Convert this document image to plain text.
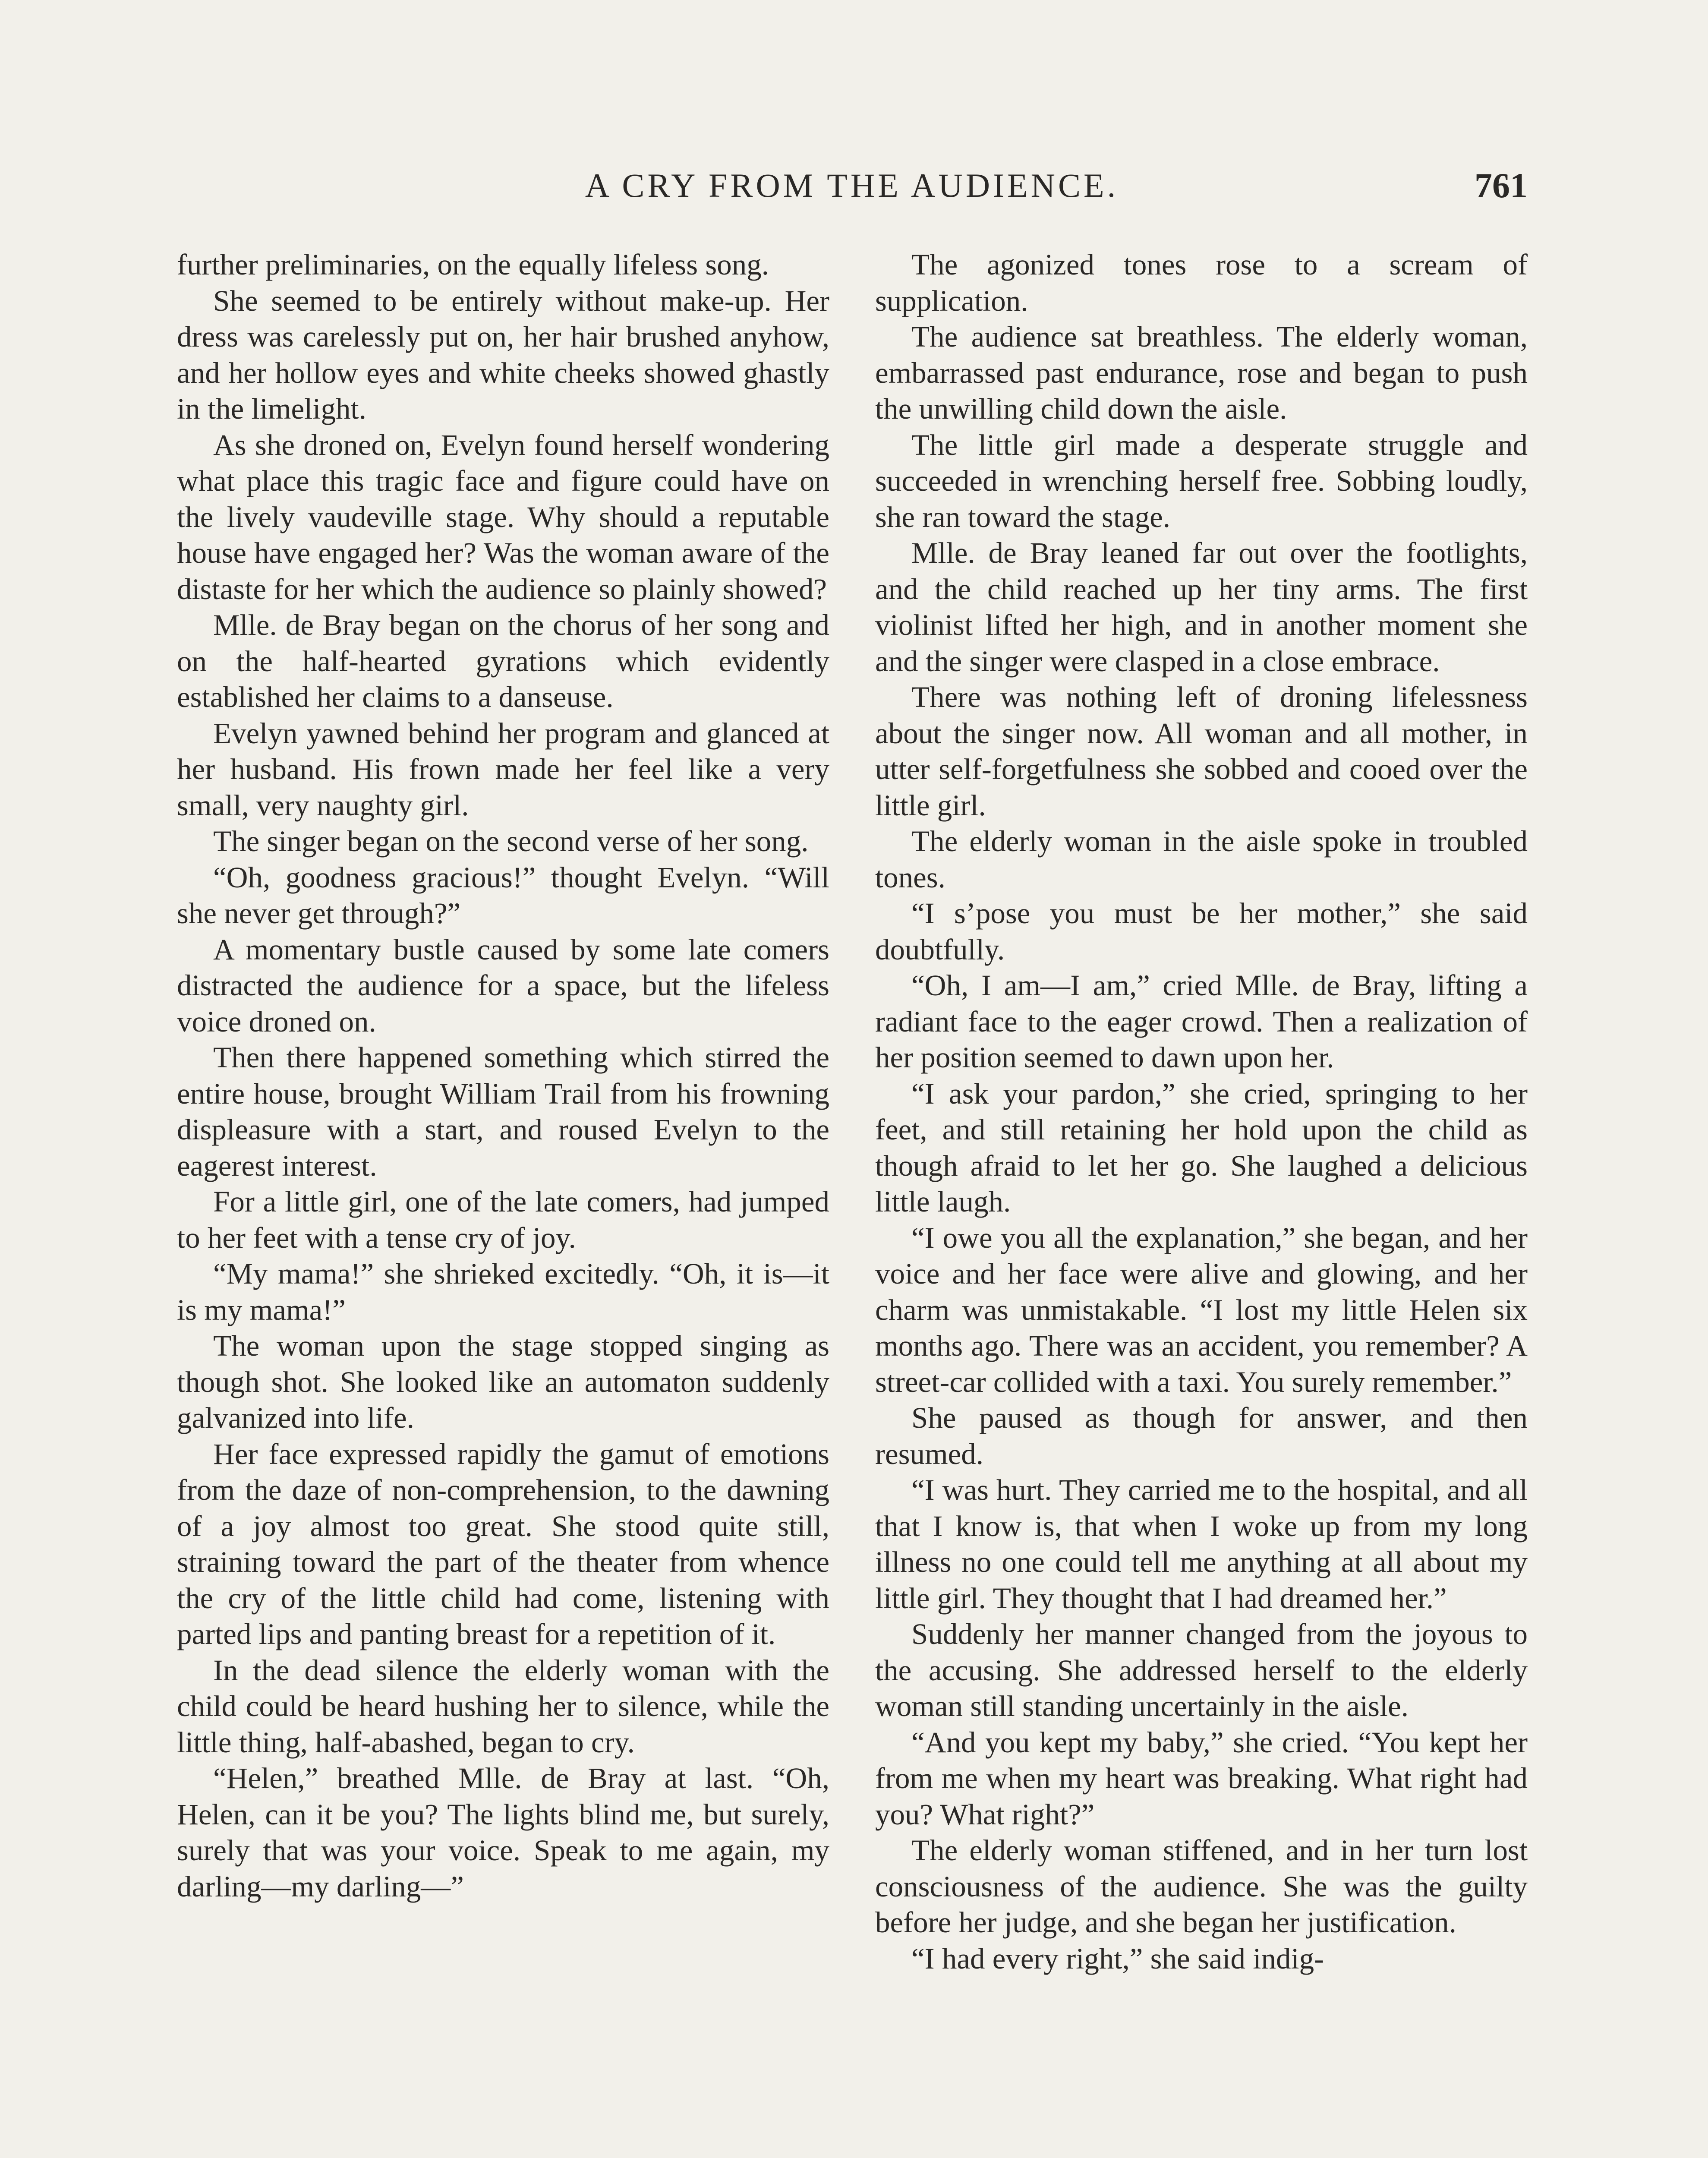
A CRY FROM THE AUDIENCE.	761

further preliminaries, on the equally lifeless song.

She seemed to be entirely without make-up. Her dress was carelessly put on, her hair brushed anyhow, and her hollow eyes and white cheeks showed ghastly in the limelight.

As she droned on, Evelyn found herself wondering what place this tragic face and figure could have on the lively vaudeville stage. Why should a reputable house have engaged her? Was the woman aware of the distaste for her which the audience so plainly showed?

Mlle. de Bray began on the chorus of her song and on the half-hearted gyrations which evidently established her claims to a danseuse.

Evelyn yawned behind her program and glanced at her husband. His frown made her feel like a very small, very naughty girl.

The singer began on the second verse of her song.

“Oh, goodness gracious!” thought Evelyn. “Will she never get through?”

A momentary bustle caused by some late comers distracted the audience for a space, but the lifeless voice droned on.

Then there happened something which stirred the entire house, brought William Trail from his frowning displeasure with a start, and roused Evelyn to the eagerest interest.

For a little girl, one of the late comers, had jumped to her feet with a tense cry of joy.

“My mama!” she shrieked excitedly. “Oh, it is—it is my mama!”

The woman upon the stage stopped singing as though shot. She looked like an automaton suddenly galvanized into life.

Her face expressed rapidly the gamut of emotions from the daze of non-comprehension, to the dawning of a joy almost too great. She stood quite still, straining toward the part of the theater from whence the cry of the little child had come, listening with parted lips and panting breast for a repetition of it.

In the dead silence the elderly woman with the child could be heard hushing her to silence, while the little thing, half-abashed, began to cry.

“Helen,” breathed Mlle. de Bray at last. “Oh, Helen, can it be you? The lights blind me, but surely, surely that was your voice. Speak to me again, my darling—my darling—”

The agonized tones rose to a scream of supplication.

The audience sat breathless. The elderly woman, embarrassed past endurance, rose and began to push the unwilling child down the aisle.

The little girl made a desperate struggle and succeeded in wrenching herself free. Sobbing loudly, she ran toward the stage.

Mlle. de Bray leaned far out over the footlights, and the child reached up her tiny arms. The first violinist lifted her high, and in another moment she and the singer were clasped in a close embrace.

There was nothing left of droning lifelessness about the singer now. All woman and all mother, in utter self-forgetfulness she sobbed and cooed over the little girl.

The elderly woman in the aisle spoke in troubled tones.

“I s’pose you must be her mother,” she said doubtfully.

“Oh, I am—I am,” cried Mlle. de Bray, lifting a radiant face to the eager crowd. Then a realization of her position seemed to dawn upon her.

“I ask your pardon,” she cried, springing to her feet, and still retaining her hold upon the child as though afraid to let her go. She laughed a delicious little laugh.

“I owe you all the explanation,” she began, and her voice and her face were alive and glowing, and her charm was unmistakable. “I lost my little Helen six months ago. There was an accident, you remember? A street-car collided with a taxi. You surely remember.”

She paused as though for answer, and then resumed.

“I was hurt. They carried me to the hospital, and all that I know is, that when I woke up from my long illness no one could tell me anything at all about my little girl. They thought that I had dreamed her.”

Suddenly her manner changed from the joyous to the accusing. She addressed herself to the elderly woman still standing uncertainly in the aisle.

“And you kept my baby,” she cried. “You kept her from me when my heart was breaking. What right had you? What right?”

The elderly woman stiffened, and in her turn lost consciousness of the audience. She was the guilty before her judge, and she began her justification.

“I had every right,” she said indig-
